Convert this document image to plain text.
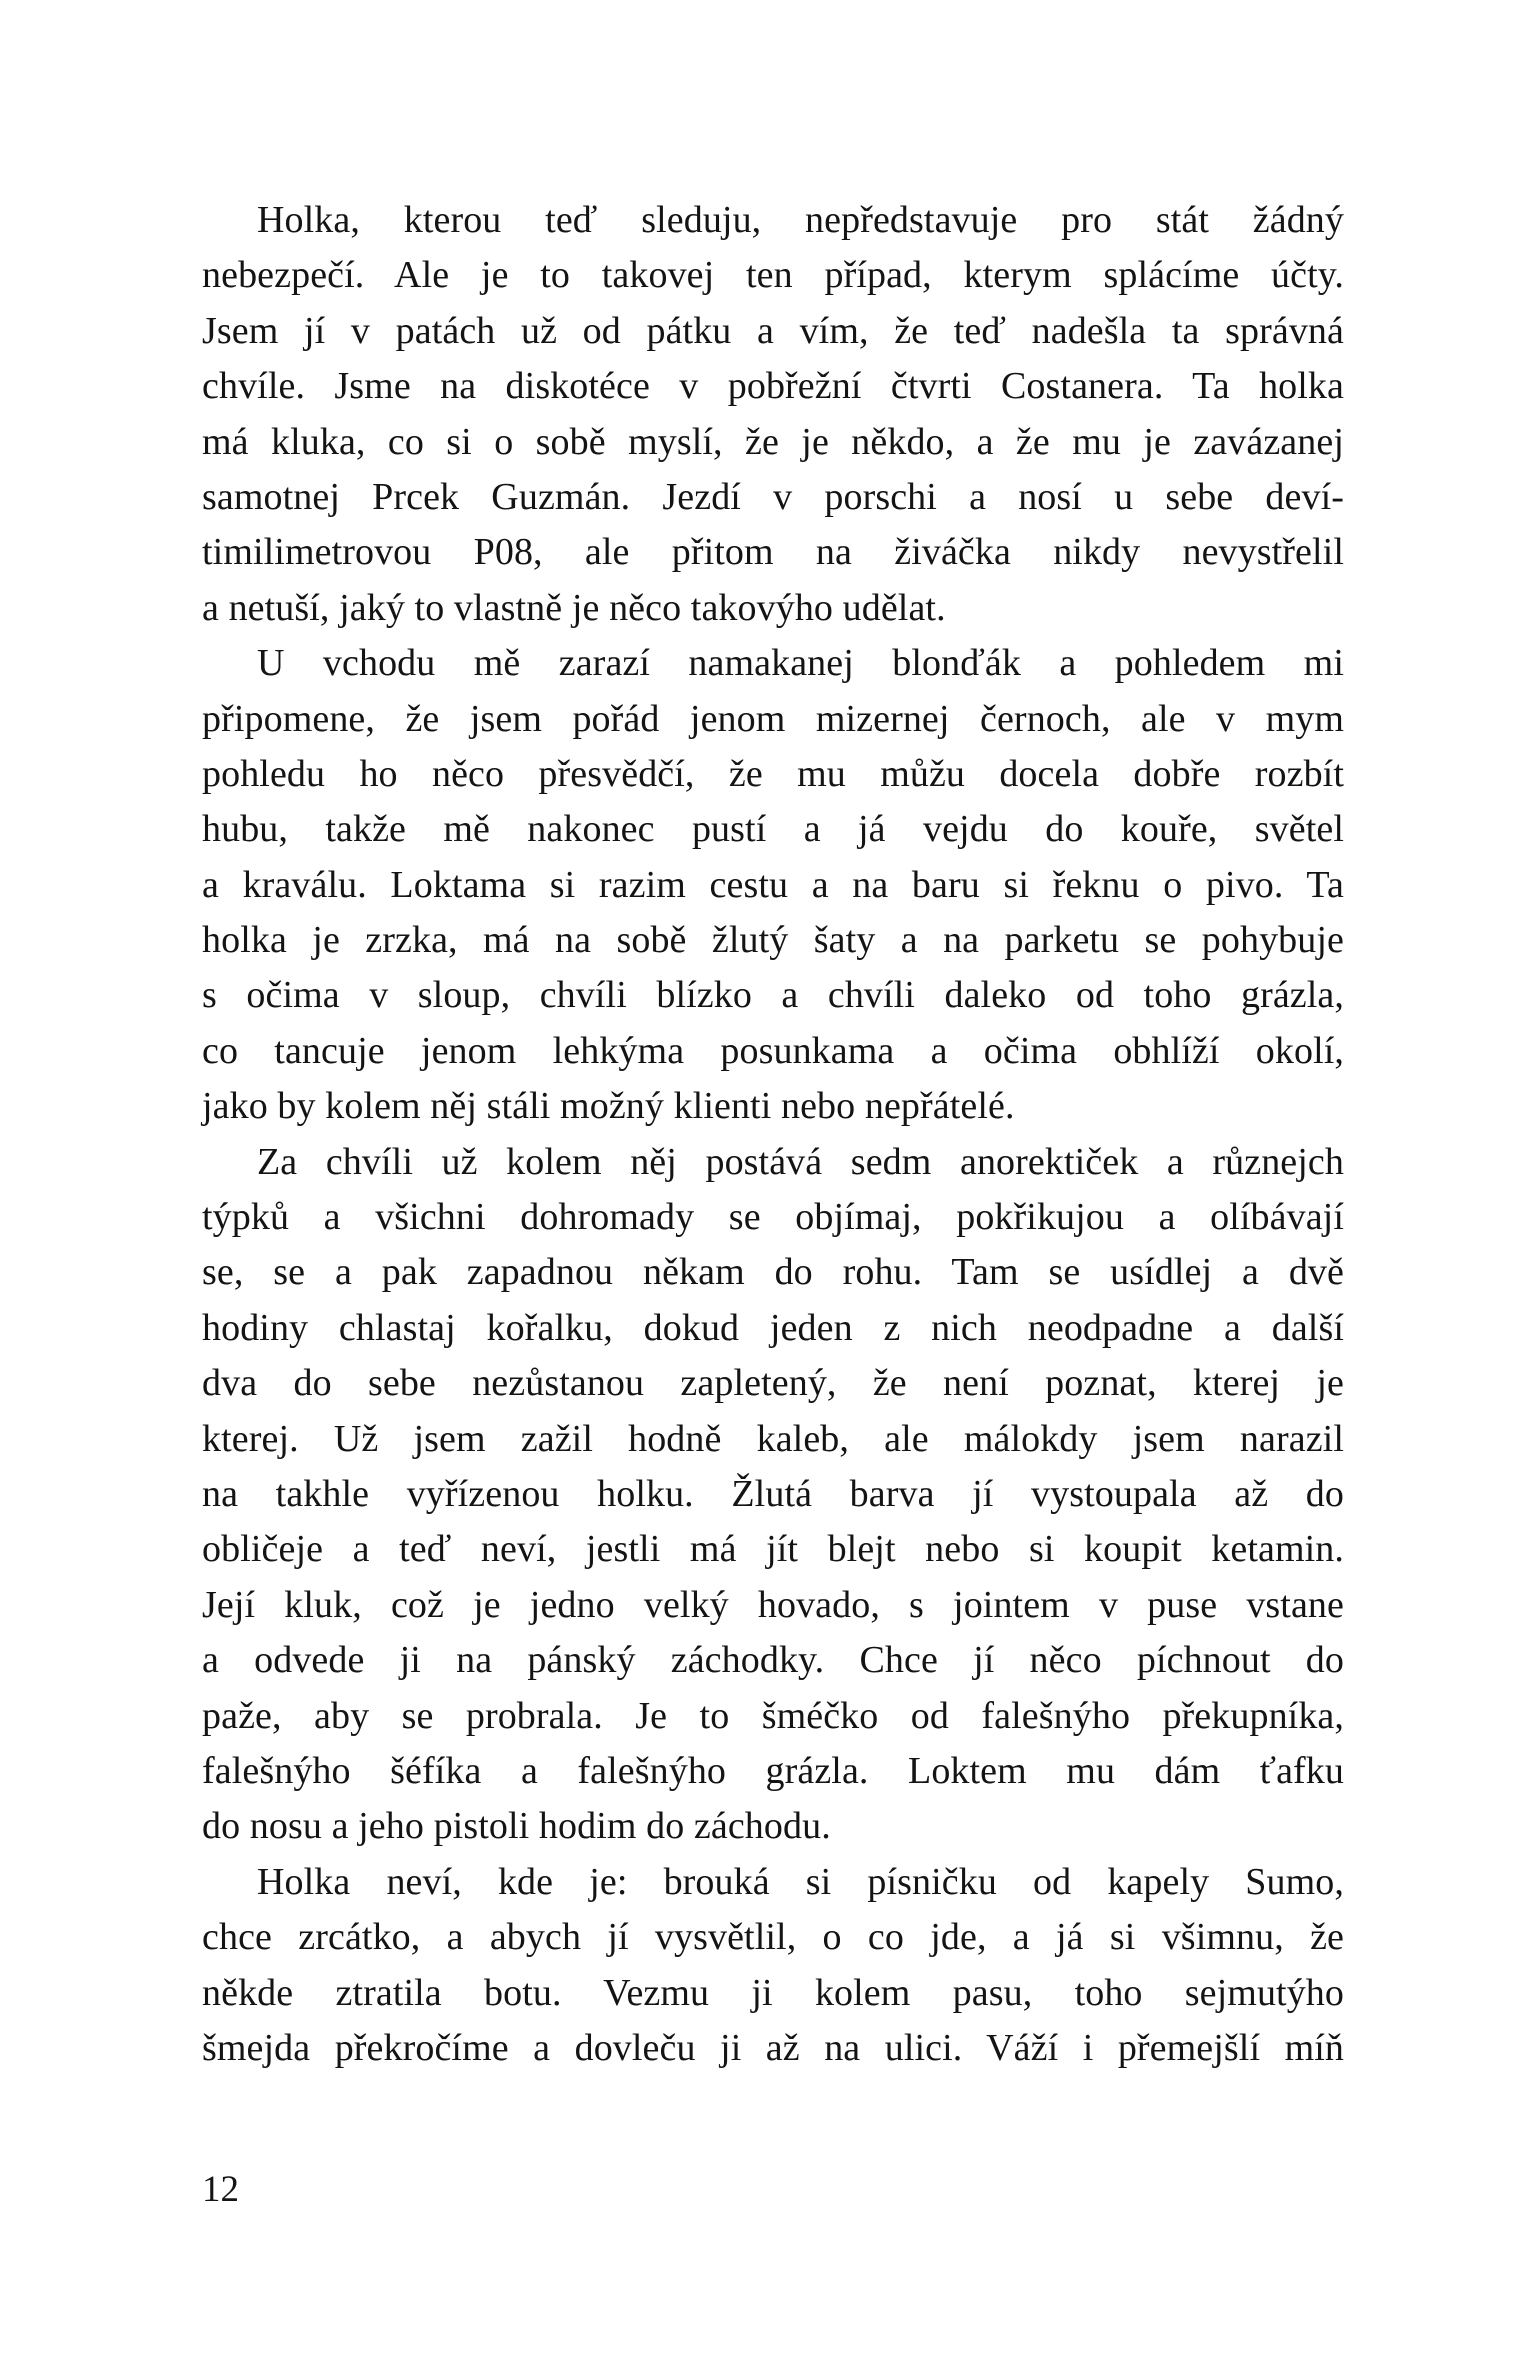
Holka, kterou teď sleduju, nepředstavuje pro stát žádný
nebezpečí. Ale je to takovej ten případ, kterym splácíme účty.
Jsem jí v patách už od pátku a vím, že teď nadešla ta správná
chvíle. Jsme na diskotéce v pobřežní čtvrti Costanera. Ta holka
má kluka, co si o sobě myslí, že je někdo, a že mu je zavázanej
samotnej Prcek Guzmán. Jezdí v porschi a nosí u sebe deví-
timilimetrovou P08, ale přitom na živáčka nikdy nevystřelil
a netuší, jaký to vlastně je něco takovýho udělat.
U vchodu mě zarazí namakanej blonďák a pohledem mi
připomene, že jsem pořád jenom mizernej černoch, ale v mym
pohledu ho něco přesvědčí, že mu můžu docela dobře rozbít
hubu, takže mě nakonec pustí a já vejdu do kouře, světel
a kraválu. Loktama si razim cestu a na baru si řeknu o pivo. Ta
holka je zrzka, má na sobě žlutý šaty a na parketu se pohybuje
s očima v sloup, chvíli blízko a chvíli daleko od toho grázla,
co tancuje jenom lehkýma posunkama a očima obhlíží okolí,
jako by kolem něj stáli možný klienti nebo nepřátelé.
Za chvíli už kolem něj postává sedm anorektiček a různejch
týpků a všichni dohromady se objímaj, pokřikujou a olíbávají
se, se a pak zapadnou někam do rohu. Tam se usídlej a dvě
hodiny chlastaj kořalku, dokud jeden z nich neodpadne a další
dva do sebe nezůstanou zapletený, že není poznat, kterej je
kterej. Už jsem zažil hodně kaleb, ale málokdy jsem narazil
na takhle vyřízenou holku. Žlutá barva jí vystoupala až do
obličeje a teď neví, jestli má jít blejt nebo si koupit ketamin.
Její kluk, což je jedno velký hovado, s jointem v puse vstane
a odvede ji na pánský záchodky. Chce jí něco píchnout do
paže, aby se probrala. Je to šméčko od falešnýho překupníka,
falešnýho šéfíka a falešnýho grázla. Loktem mu dám ťafku
do nosu a jeho pistoli hodim do záchodu.
Holka neví, kde je: brouká si písničku od kapely Sumo,
chce zrcátko, a abych jí vysvětlil, o co jde, a já si všimnu, že
někde ztratila botu. Vezmu ji kolem pasu, toho sejmutýho
šmejda překročíme a dovleču ji až na ulici. Váží i přemejšlí míň
12
